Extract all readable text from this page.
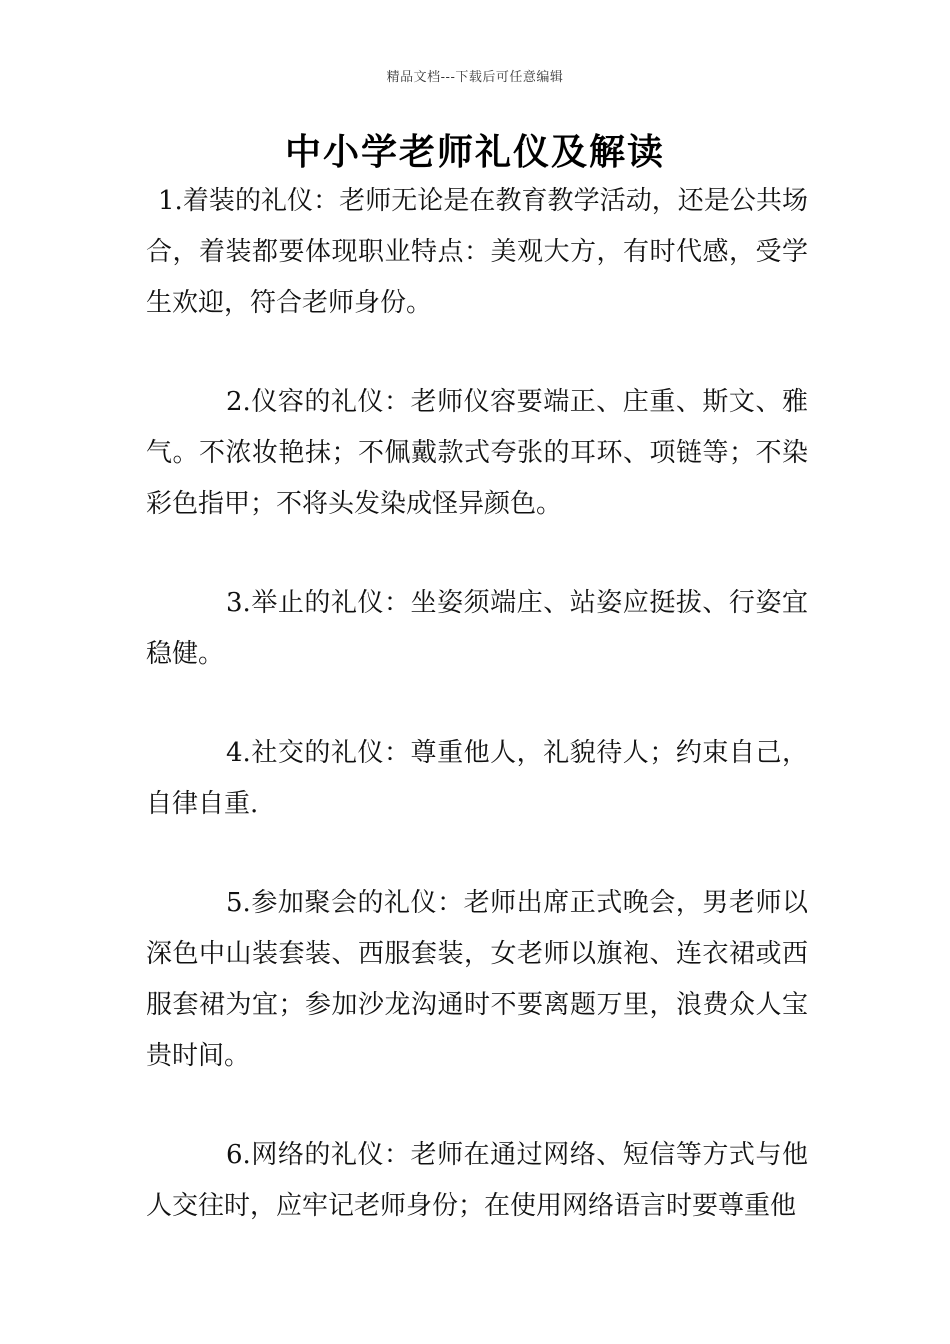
精品文档---下载后可任意编辑
中小学老师礼仪及解读

1.着装的礼仪：老师无论是在教育教学活动，还是公共场合，着装都要体现职业特点：美观大方，有时代感，受学生欢迎，符合老师身份。

2.仪容的礼仪：老师仪容要端正、庄重、斯文、雅气。不浓妆艳抹；不佩戴款式夸张的耳环、项链等；不染彩色指甲；不将头发染成怪异颜色。

3.举止的礼仪：坐姿须端庄、站姿应挺拔、行姿宜稳健。

4.社交的礼仪：尊重他人，礼貌待人；约束自己，自律自重.

5.参加聚会的礼仪：老师出席正式晚会，男老师以深色中山装套装、西服套装，女老师以旗袍、连衣裙或西服套裙为宜；参加沙龙沟通时不要离题万里，浪费众人宝贵时间。

6.网络的礼仪：老师在通过网络、短信等方式与他人交往时，应牢记老师身份；在使用网络语言时要尊重他
